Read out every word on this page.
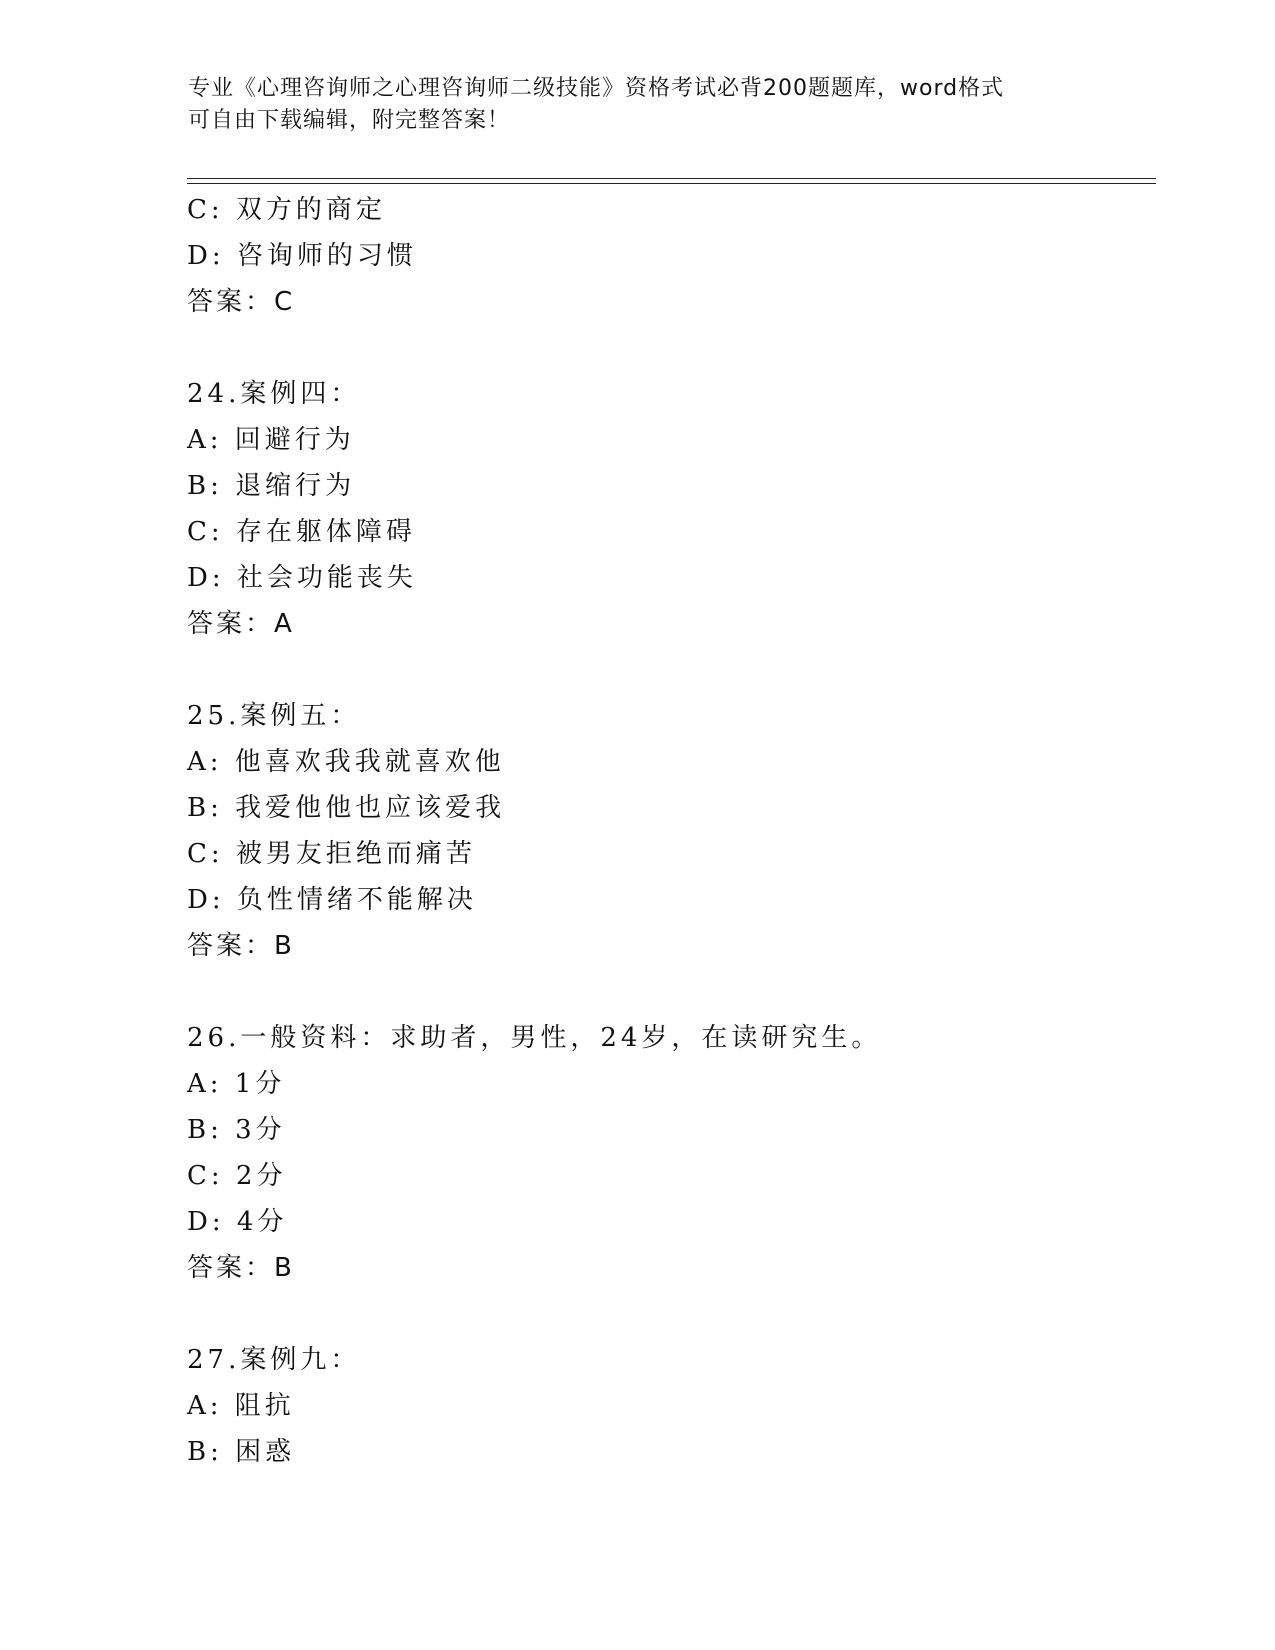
专业《心理咨询师之心理咨询师二级技能》资格考试必背200题题库，word格式
可自由下载编辑，附完整答案！
C: 双方的商定
D: 咨询师的习惯
答案：C
24.案例四：
A: 回避行为
B: 退缩行为
C: 存在躯体障碍
D: 社会功能丧失
答案：A
25.案例五：
A: 他喜欢我我就喜欢他
B: 我爱他他也应该爱我
C: 被男友拒绝而痛苦
D: 负性情绪不能解决
答案：B
26.一般资料：求助者，男性，24岁，在读研究生。
A: 1分
B: 3分
C: 2分
D: 4分
答案：B
27.案例九：
A: 阻抗
B: 困惑
